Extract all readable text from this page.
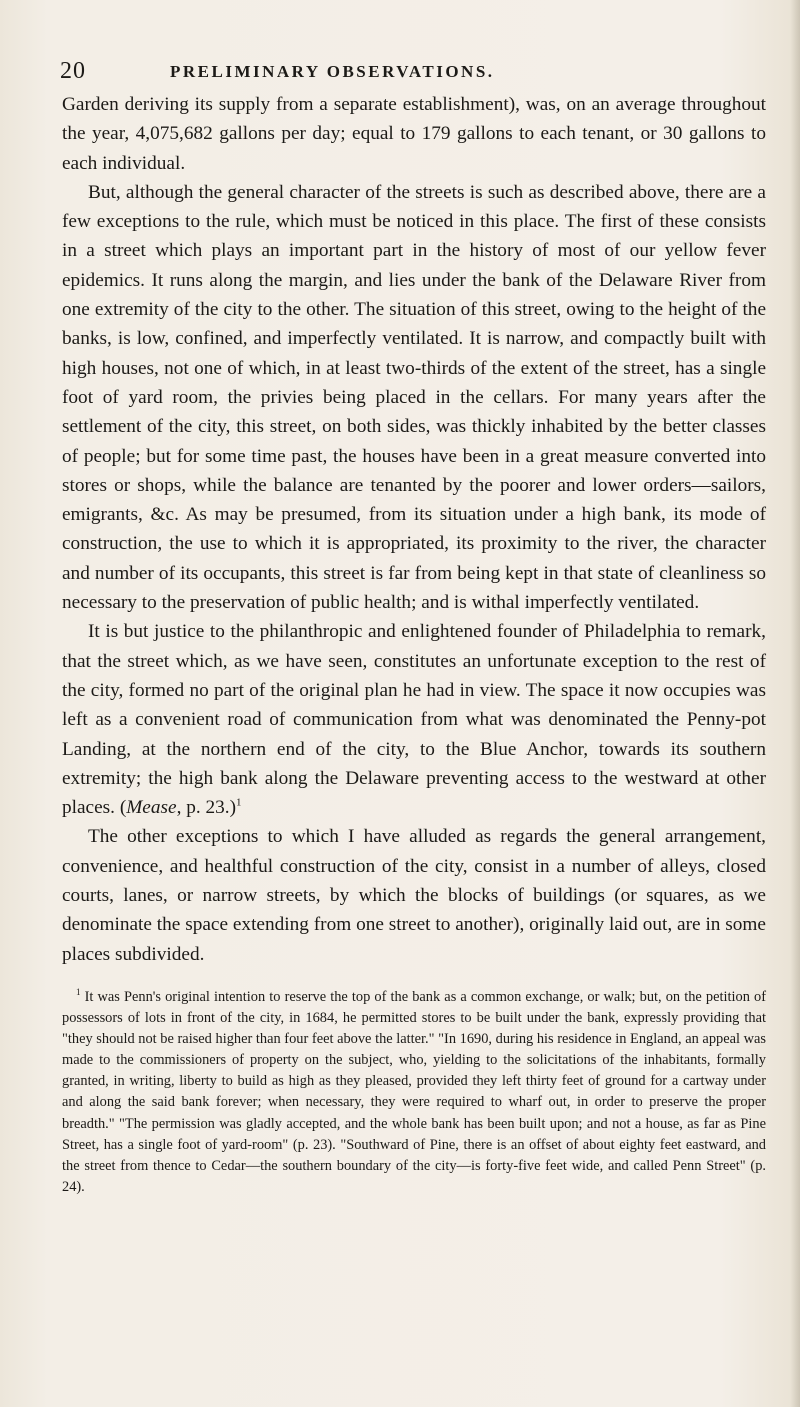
20	PRELIMINARY OBSERVATIONS.

Garden deriving its supply from a separate establishment), was, on an average throughout the year, 4,075,682 gallons per day; equal to 179 gallons to each tenant, or 30 gallons to each individual.

But, although the general character of the streets is such as described above, there are a few exceptions to the rule, which must be noticed in this place. The first of these consists in a street which plays an important part in the history of most of our yellow fever epidemics. It runs along the margin, and lies under the bank of the Delaware River from one extremity of the city to the other. The situation of this street, owing to the height of the banks, is low, confined, and imperfectly ventilated. It is narrow, and compactly built with high houses, not one of which, in at least two-thirds of the extent of the street, has a single foot of yard room, the privies being placed in the cellars. For many years after the settlement of the city, this street, on both sides, was thickly inhabited by the better classes of people; but for some time past, the houses have been in a great measure converted into stores or shops, while the balance are tenanted by the poorer and lower orders—sailors, emigrants, &c. As may be presumed, from its situation under a high bank, its mode of construction, the use to which it is appropriated, its proximity to the river, the character and number of its occupants, this street is far from being kept in that state of cleanliness so necessary to the preservation of public health; and is withal imperfectly ventilated.

It is but justice to the philanthropic and enlightened founder of Philadelphia to remark, that the street which, as we have seen, constitutes an unfortunate exception to the rest of the city, formed no part of the original plan he had in view. The space it now occupies was left as a convenient road of communication from what was denominated the Penny-pot Landing, at the northern end of the city, to the Blue Anchor, towards its southern extremity; the high bank along the Delaware preventing access to the westward at other places. (Mease, p. 23.)$^1$

The other exceptions to which I have alluded as regards the general arrangement, convenience, and healthful construction of the city, consist in a number of alleys, closed courts, lanes, or narrow streets, by which the blocks of buildings (or squares, as we denominate the space extending from one street to another), originally laid out, are in some places subdivided.

$^1$ It was Penn's original intention to reserve the top of the bank as a common exchange, or walk; but, on the petition of possessors of lots in front of the city, in 1684, he permitted stores to be built under the bank, expressly providing that "they should not be raised higher than four feet above the latter." "In 1690, during his residence in England, an appeal was made to the commissioners of property on the subject, who, yielding to the solicitations of the inhabitants, formally granted, in writing, liberty to build as high as they pleased, provided they left thirty feet of ground for a cartway under and along the said bank forever; when necessary, they were required to wharf out, in order to preserve the proper breadth." "The permission was gladly accepted, and the whole bank has been built upon; and not a house, as far as Pine Street, has a single foot of yard-room" (p. 23). "Southward of Pine, there is an offset of about eighty feet eastward, and the street from thence to Cedar—the southern boundary of the city—is forty-five feet wide, and called Penn Street" (p. 24).
